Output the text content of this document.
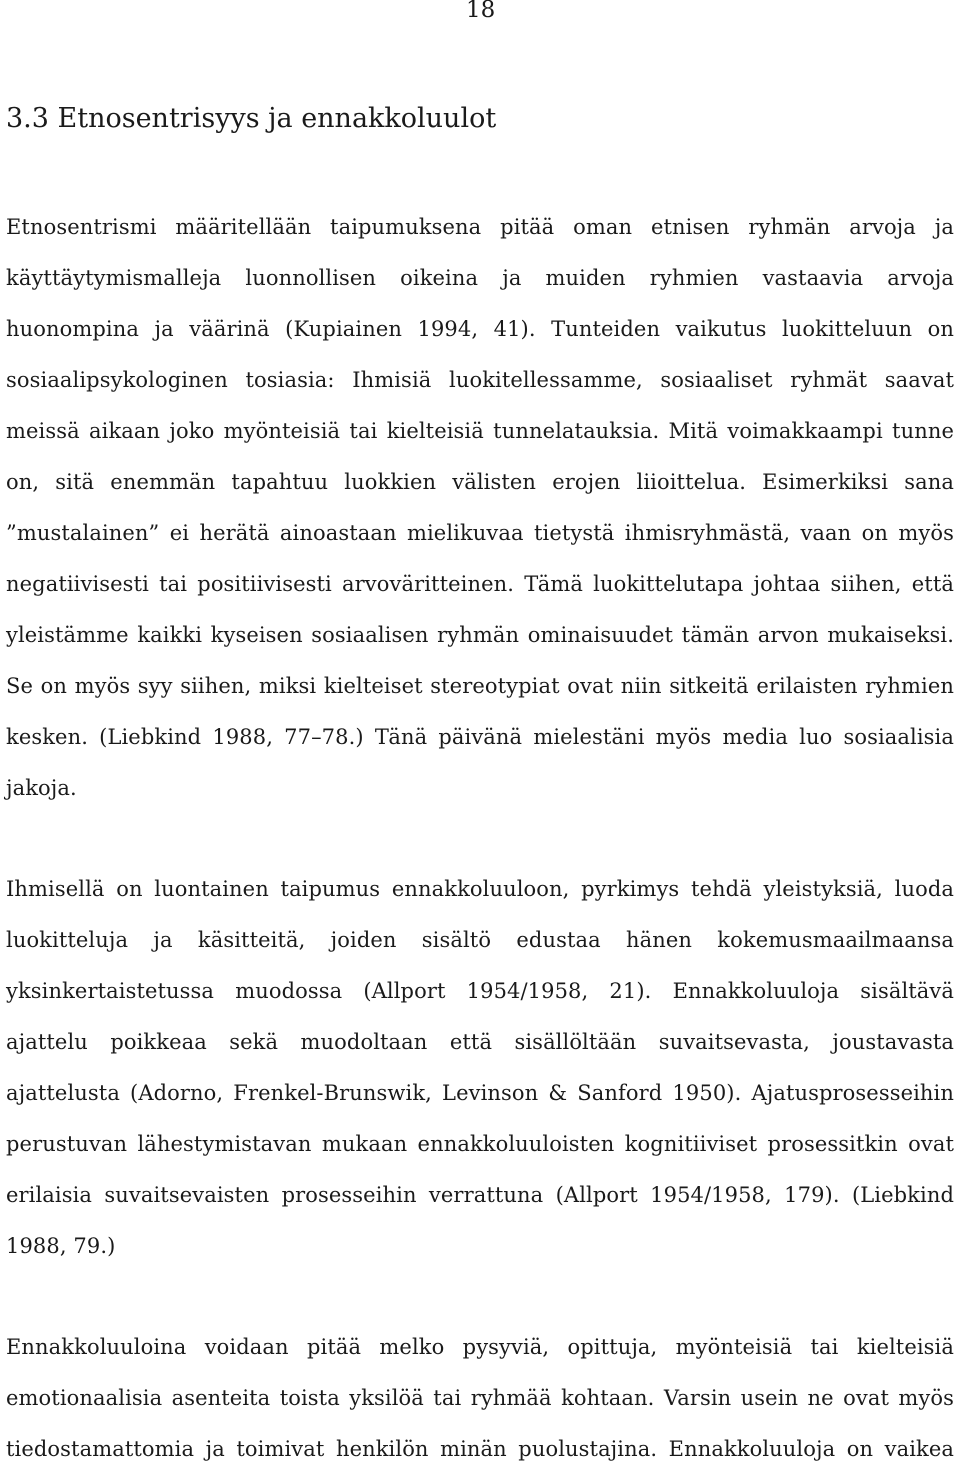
18

3.3 Etnosentrisyys ja ennakkoluulot

Etnosentrismi määritellään taipumuksena pitää oman etnisen ryhmän arvoja ja käyttäytymismalleja luonnollisen oikeina ja muiden ryhmien vastaavia arvoja huonompina ja väärinä (Kupiainen 1994, 41). Tunteiden vaikutus luokitteluun on sosiaalipsykologinen tosiasia: Ihmisiä luokitellessamme, sosiaaliset ryhmät saavat meissä aikaan joko myönteisiä tai kielteisiä tunnelatauksia. Mitä voimakkaampi tunne on, sitä enemmän tapahtuu luokkien välisten erojen liioittelua. Esimerkiksi sana ”mustalainen” ei herätä ainoastaan mielikuvaa tietystä ihmisryhmästä, vaan on myös negatiivisesti tai positiivisesti arvoväritteinen. Tämä luokittelutapa johtaa siihen, että yleistämme kaikki kyseisen sosiaalisen ryhmän ominaisuudet tämän arvon mukaiseksi. Se on myös syy siihen, miksi kielteiset stereotypiat ovat niin sitkeitä erilaisten ryhmien kesken. (Liebkind 1988, 77–78.) Tänä päivänä mielestäni myös media luo sosiaalisia jakoja.

Ihmisellä on luontainen taipumus ennakkoluuloon, pyrkimys tehdä yleistyksiä, luoda luokitteluja ja käsitteitä, joiden sisältö edustaa hänen kokemusmaailmaansa yksinkertaistetussa muodossa (Allport 1954/1958, 21). Ennakkoluuloja sisältävä ajattelu poikkeaa sekä muodoltaan että sisällöltään suvaitsevasta, joustavasta ajattelusta (Adorno, Frenkel-Brunswik, Levinson & Sanford 1950). Ajatusprosesseihin perustuvan lähestymistavan mukaan ennakkoluuloisten kognitiiviset prosessitkin ovat erilaisia suvaitsevaisten prosesseihin verrattuna (Allport 1954/1958, 179). (Liebkind 1988, 79.)

Ennakkoluuloina voidaan pitää melko pysyviä, opittuja, myönteisiä tai kielteisiä emotionaalisia asenteita toista yksilöä tai ryhmää kohtaan. Varsin usein ne ovat myös tiedostamattomia ja toimivat henkilön minän puolustajina. Ennakkoluuloja on vaikea
